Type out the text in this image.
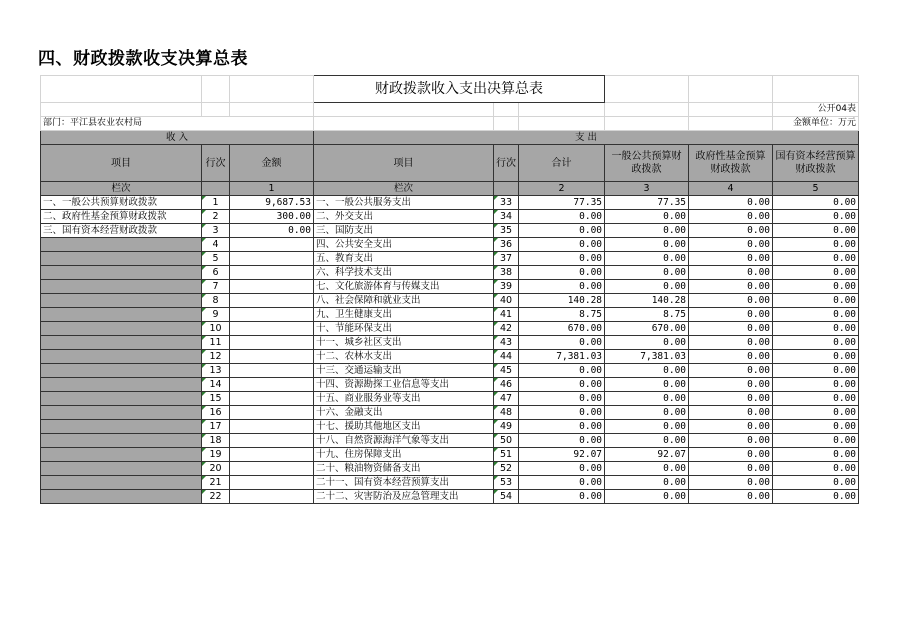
四、财政拨款收支决算总表
			财政拨款收入支出决算总表					
								公开04表
部门：平江县农业农村局								金额单位：万元
收 入			支 出					
项目	行次	金额	项目	行次	合计	一般公共预算财政拨款	政府性基金预算财政拨款	国有资本经营预算财政拨款
栏次		1	栏次		2	3	4	5
一、一般公共预算财政拨款	1	9,687.53	一、一般公共服务支出	33	77.35	77.35	0.00	0.00
二、政府性基金预算财政拨款	2	300.00	二、外交支出	34	0.00	0.00	0.00	0.00
三、国有资本经营财政拨款	3	0.00	三、国防支出	35	0.00	0.00	0.00	0.00
	4		四、公共安全支出	36	0.00	0.00	0.00	0.00
	5		五、教育支出	37	0.00	0.00	0.00	0.00
	6		六、科学技术支出	38	0.00	0.00	0.00	0.00
	7		七、文化旅游体育与传媒支出	39	0.00	0.00	0.00	0.00
	8		八、社会保障和就业支出	40	140.28	140.28	0.00	0.00
	9		九、卫生健康支出	41	8.75	8.75	0.00	0.00
	10		十、节能环保支出	42	670.00	670.00	0.00	0.00
	11		十一、城乡社区支出	43	0.00	0.00	0.00	0.00
	12		十二、农林水支出	44	7,381.03	7,381.03	0.00	0.00
	13		十三、交通运输支出	45	0.00	0.00	0.00	0.00
	14		十四、资源勘探工业信息等支出	46	0.00	0.00	0.00	0.00
	15		十五、商业服务业等支出	47	0.00	0.00	0.00	0.00
	16		十六、金融支出	48	0.00	0.00	0.00	0.00
	17		十七、援助其他地区支出	49	0.00	0.00	0.00	0.00
	18		十八、自然资源海洋气象等支出	50	0.00	0.00	0.00	0.00
	19		十九、住房保障支出	51	92.07	92.07	0.00	0.00
	20		二十、粮油物资储备支出	52	0.00	0.00	0.00	0.00
	21		二十一、国有资本经营预算支出	53	0.00	0.00	0.00	0.00
	22		二十二、灾害防治及应急管理支出	54	0.00	0.00	0.00	0.00
